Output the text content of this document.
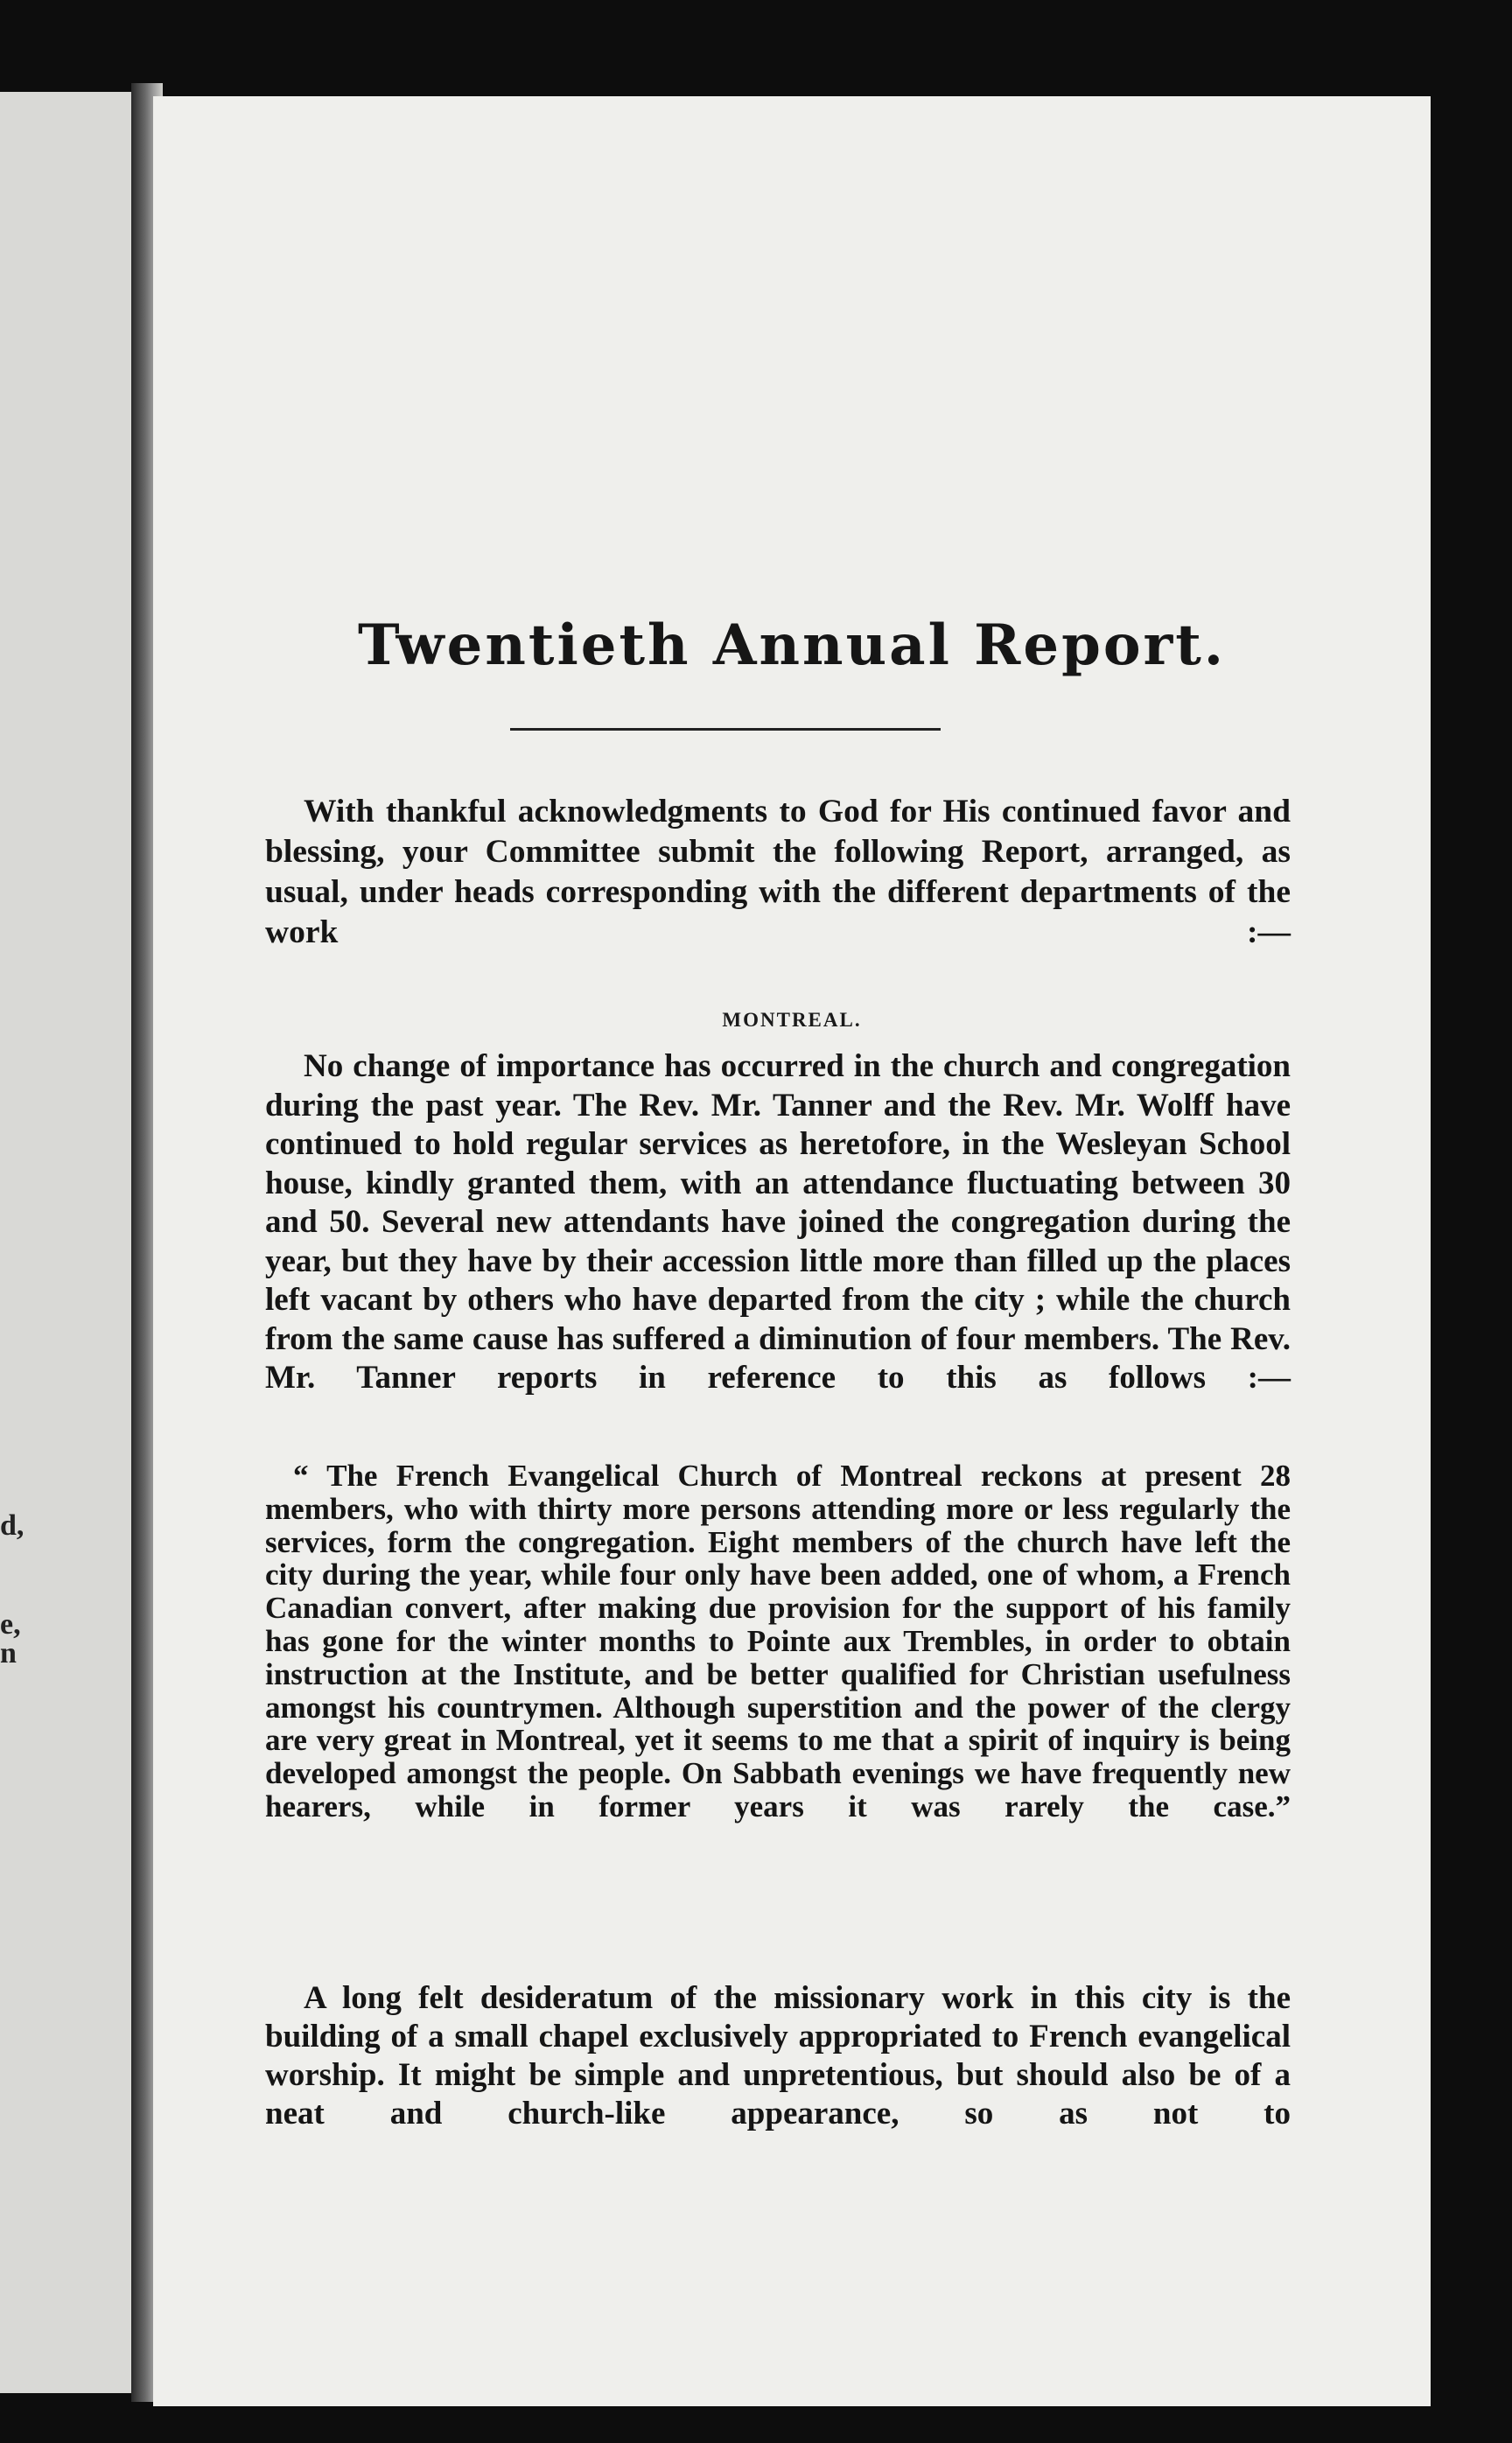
d,
e,
n
Twentieth Annual Report.

With thankful acknowledgments to God for His continued favor and blessing, your Committee submit the following Report, arranged, as usual, under heads corresponding with the different departments of the work :—

MONTREAL.

No change of importance has occurred in the church and congregation during the past year. The Rev. Mr. Tanner and the Rev. Mr. Wolff have continued to hold regular services as heretofore, in the Wesleyan School house, kindly granted them, with an attendance fluctuating between 30 and 50. Several new attendants have joined the congregation during the year, but they have by their accession little more than filled up the places left vacant by others who have departed from the city ; while the church from the same cause has suffered a diminution of four members. The Rev. Mr. Tanner reports in reference to this as follows :—

“ The French Evangelical Church of Montreal reckons at present 28 members, who with thirty more persons attending more or less regularly the services, form the congregation. Eight members of the church have left the city during the year, while four only have been added, one of whom, a French Canadian convert, after making due provision for the support of his family has gone for the winter months to Pointe aux Trembles, in order to obtain instruction at the Institute, and be better qualified for Christian usefulness amongst his countrymen. Although superstition and the power of the clergy are very great in Montreal, yet it seems to me that a spirit of inquiry is being developed amongst the people. On Sabbath evenings we have frequently new hearers, while in former years it was rarely the case.”

A long felt desideratum of the missionary work in this city is the building of a small chapel exclusively appropriated to French evangelical worship. It might be simple and unpretentious, but should also be of a neat and church-like appearance, so as not to
